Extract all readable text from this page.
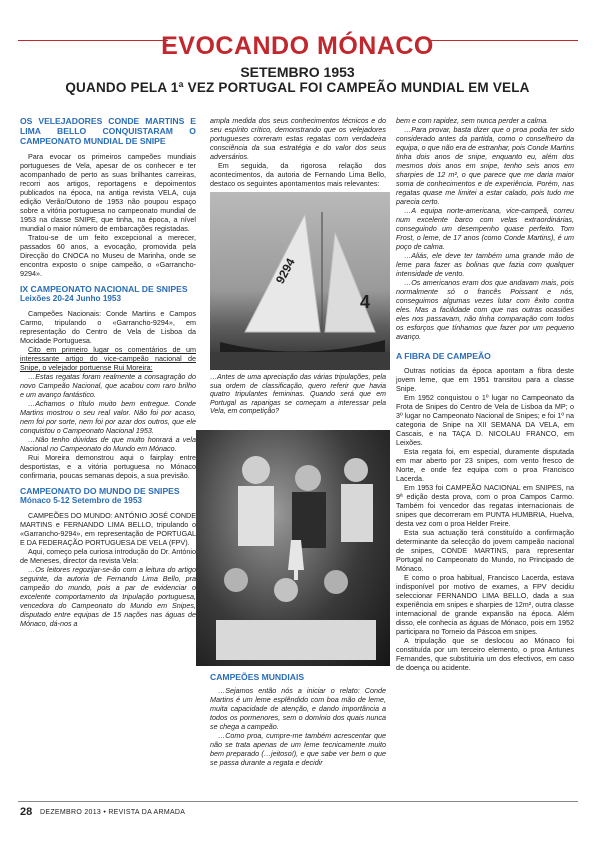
EVOCANDO MÓNACO
SETEMBRO 1953
QUANDO PELA 1ª VEZ PORTUGAL FOI CAMPEÃO MUNDIAL EM VELA
OS VELEJADORES CONDE MARTINS E LIMA BELLO CONQUISTARAM O CAMPEONATO MUNDIAL DE SNIPE

Para evocar os primeiros campeões mundiais portugueses de Vela, apesar de os conhecer e ter acompanhado de perto as suas brilhantes carreiras, recorri aos artigos, reportagens e depoimentos publicados na época, na antiga revista VELA, cuja edição Verão/Outono de 1953 não poupou espaço sobre a vitória portuguesa no campeonato mundial de 1953 na classe SNIPE, que tinha, na época, a nível mundial o maior número de embarcações registadas.

Tratou-se de um feito excepcional a merecer, passados 60 anos, a evocação, promovida pela Direcção do CNOCA no Museu de Marinha, onde se encontra exposto o snipe campeão, o «Garrancho-9294».

IX CAMPEONATO NACIONAL DE SNIPES
Leixões 20-24 Junho 1953

Campeões Nacionais: Conde Martins e Campos Carmo, tripulando o «Garrancho-9294», em representação do Centro de Vela de Lisboa da Mocidade Portuguesa.

Cito em primeiro lugar os comentários de um interessante artigo do vice-campeão nacional de Snipe, o velejador portuense Rui Moreira:

…Estas regatas foram realmente a consagração do novo Campeão Nacional, que acabou com raro brilho e um avanço fantástico.

…Achamos o título muito bem entregue. Conde Martins mostrou o seu real valor. Não foi por acaso, nem foi por sorte, nem foi por azar dos outros, que ele conquistou o Campeonato Nacional 1953.

…Não tenho dúvidas de que muito honrará a vela Nacional no Campeonato do Mundo em Mónaco.

Rui Moreira demonstrou aqui o fairplay entre desportistas, e a vitória portuguesa no Mónaco confirmaria, poucas semanas depois, a sua previsão.

CAMPEONATO DO MUNDO DE SNIPES
Mónaco 5-12 Setembro de 1953

CAMPEÕES DO MUNDO: ANTÓNIO JOSÉ CONDE MARTINS e FERNANDO LIMA BELLO, tripulando o «Garrancho-9294», em representação de PORTUGAL E DA FEDERAÇÃO PORTUGUESA DE VELA (FPV).

Aqui, começo pela curiosa introdução do Dr. António de Meneses, director da revista Vela:

…Os leitores regozijar-se-ão com a leitura do artigo seguinte, da autoria de Fernando Lima Bello, pra campeão do mundo, pois a par de evidenciar o excelente comportamento da tripulação portuguesa, vencedora do Campeonato do Mundo em Snipes, disputado entre equipas de 15 nações nas águas de Mónaco, dá-nos a

ampla medida dos seus conhecimentos técnicos e do seu espírito crítico, demonstrando que os velejadores portugueses correram estas regatas com verdadeira consciência da sua estratégia e do valor dos seus adversários.

Em seguida, da rigorosa relação dos acontecimentos, da autoria de Fernando Lima Bello, destaco os seguintes apontamentos mais relevantes:

9294
4
…Antes de uma apreciação das várias tripulações, pela sua ordem de classificação, quero referir que havia quatro tripulantes femininas. Quando será que em Portugal as raparigas se começam a interessar pela Vela, em competição?
CAMPEÕES MUNDIAIS

…Sejamos então nós a iniciar o relato: Conde Martins é um leme esplêndido com boa mão de leme, muita capacidade de atenção, e dando importância a todos os pormenores, sem o domínio dos quais nunca se chega a campeão.

…Como proa, cumpre-me também acrescentar que não se trata apenas de um leme tecnicamente muito bem preparado (…jeitoso!), e que sabe ver bem o que se passa durante a regata e decidir

bem e com rapidez, sem nunca perder a calma.

…Para provar, basta dizer que o proa podia ter sido considerado antes da partida, como o conselheiro da equipa, o que não era de estranhar, pois Conde Martins tinha dois anos de snipe, enquanto eu, além dos mesmos dois anos em snipe, tenho seis anos em sharpies de 12 m², o que parece que me daria maior soma de conhecimentos e de experiência. Porém, nas regatas quase me limitei a estar calado, pois tudo me parecia certo.

…A equipa norte-americana, vice-campeã, correu num excelente barco com velas extraordinárias, conseguindo um desempenho quase perfeito. Tom Frost, o leme, de 17 anos (como Conde Martins), é um poço de calma.

…Aliás, ele deve ter também uma grande mão de leme para fazer as bolinas que fazia com qualquer intensidade de vento.

…Os americanos eram dos que andavam mais, pois normalmente só o francês Poissant e nós, conseguimos algumas vezes lutar com êxito contra eles. Mas a facilidade com que nas outras ocasiões eles nos passavam, não tinha comparação com todos os esforços que tínhamos que fazer por um pequeno avanço.

A FIBRA DE CAMPEÃO

Outras notícias da época apontam a fibra deste jovem leme, que em 1951 transitou para a classe Snipe.

Em 1952 conquistou o 1º lugar no Campeonato da Frota de Snipes do Centro de Vela de Lisboa da MP; o 3º lugar no Campeonato Nacional de Snipes; e foi 1º na categoria de Snipe na XII SEMANA DA VELA, em Cascais, e na TAÇA D. NICOLAU FRANCO, em Leixões.

Esta regata foi, em especial, duramente disputada em mar aberto por 23 snipes, com vento fresco de Norte, e onde fez equipa com o proa Francisco Lacerda.

Em 1953 foi CAMPEÃO NACIONAL em SNIPES, na 9ª edição desta prova, com o proa Campos Carmo. Também foi vencedor das regatas internacionais de snipes que decorreram em PUNTA HUMBRIA, Huelva, desta vez com o proa Helder Freire.

Esta sua actuação terá constituído a confirmação determinante da selecção do jovem campeão nacional de snipes, CONDE MARTINS, para representar Portugal no Campeonato do Mundo, no Principado de Mónaco.

E como o proa habitual, Francisco Lacerda, estava indisponível por motivo de exames, a FPV decidiu seleccionar FERNANDO LIMA BELLO, dada a sua experiência em snipes e sharpies de 12m², outra classe internacional de grande expansão na época. Além disso, ele conhecia as águas de Mónaco, pois em 1952 participara no Torneio da Páscoa em snipes.

A tripulação que se deslocou ao Mónaco foi constituída por um terceiro elemento, o proa Antunes Fernandes, que substituiria um dos efectivos, em caso de doença ou acidente.

28 DEZEMBRO 2013 • REVISTA DA ARMADA
